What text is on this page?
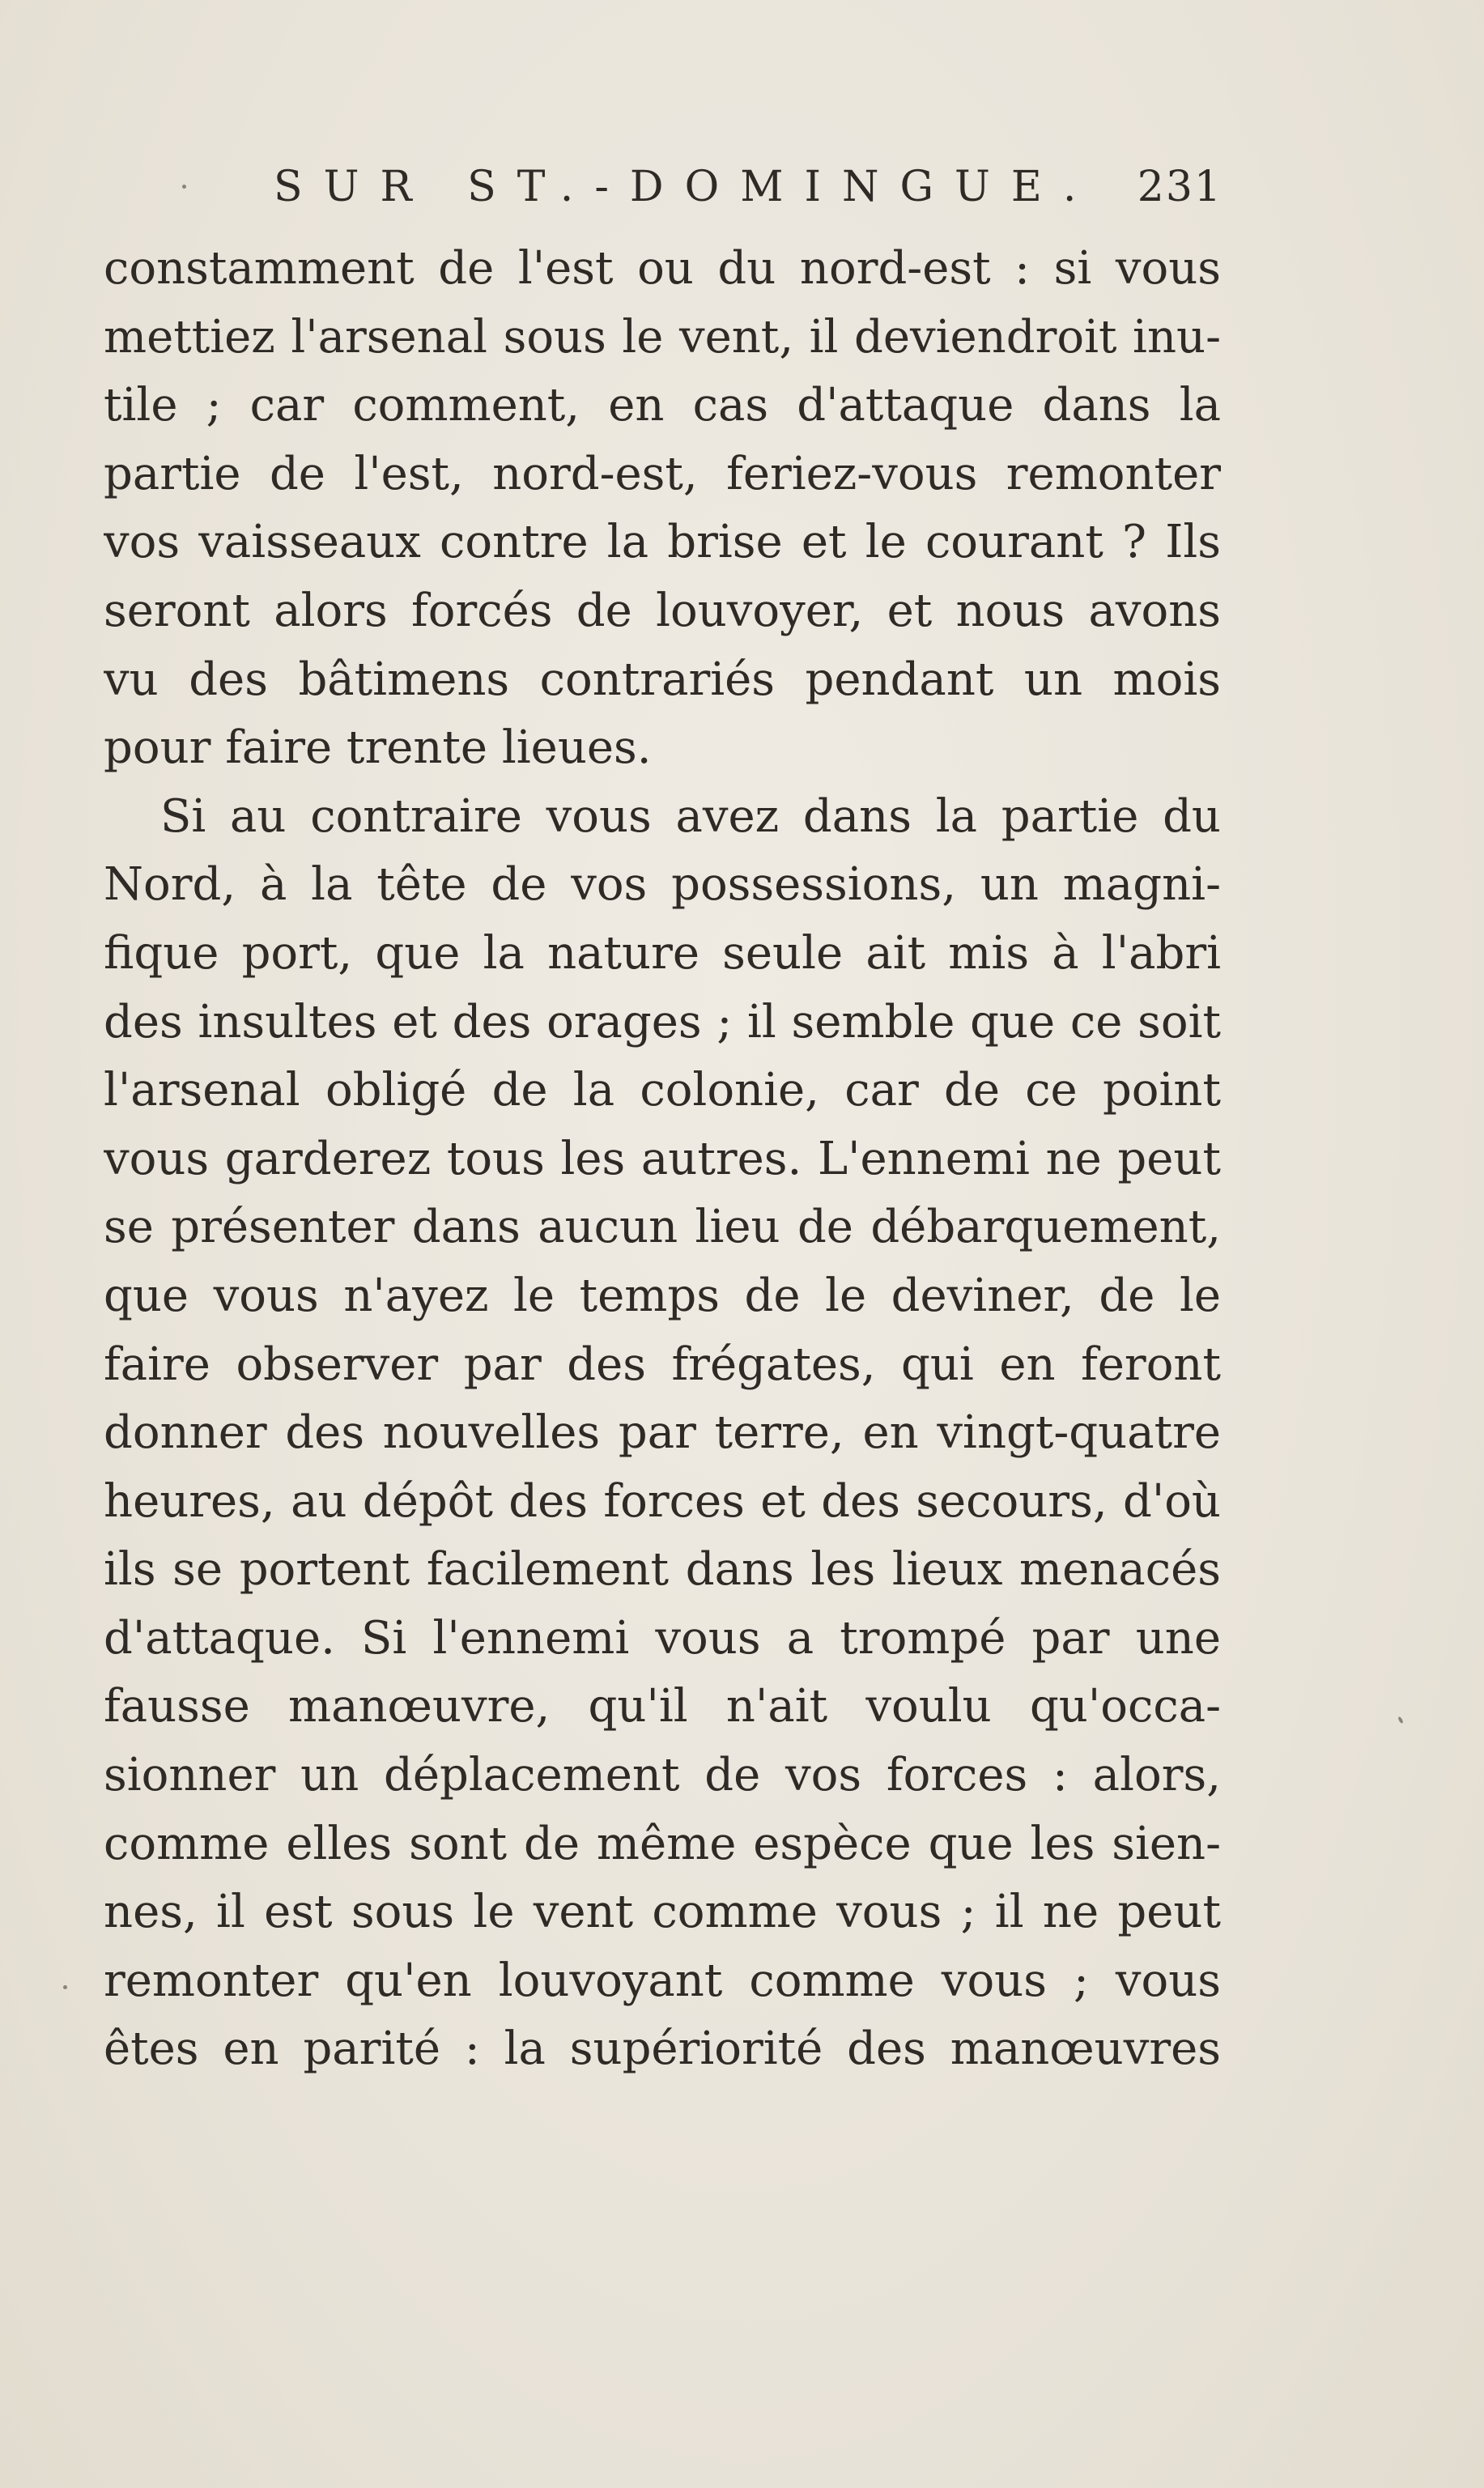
SUR ST.-DOMINGUE. 231
constamment de l'est ou du nord-est : si vous
mettiez l'arsenal sous le vent, il deviendroit inu-
tile ; car comment, en cas d'attaque dans la
partie de l'est, nord-est, feriez-vous remonter
vos vaisseaux contre la brise et le courant ? Ils
seront alors forcés de louvoyer, et nous avons
vu des bâtimens contrariés pendant un mois
pour faire trente lieues.
Si au contraire vous avez dans la partie du
Nord, à la tête de vos possessions, un magni-
fique port, que la nature seule ait mis à l'abri
des insultes et des orages ; il semble que ce soit
l'arsenal obligé de la colonie, car de ce point
vous garderez tous les autres. L'ennemi ne peut
se présenter dans aucun lieu de débarquement,
que vous n'ayez le temps de le deviner, de le
faire observer par des frégates, qui en feront
donner des nouvelles par terre, en vingt-quatre
heures, au dépôt des forces et des secours, d'où
ils se portent facilement dans les lieux menacés
d'attaque. Si l'ennemi vous a trompé par une
fausse manœuvre, qu'il n'ait voulu qu'occa-
sionner un déplacement de vos forces : alors,
comme elles sont de même espèce que les sien-
nes, il est sous le vent comme vous ; il ne peut
remonter qu'en louvoyant comme vous ; vous
êtes en parité : la supériorité des manœuvres
